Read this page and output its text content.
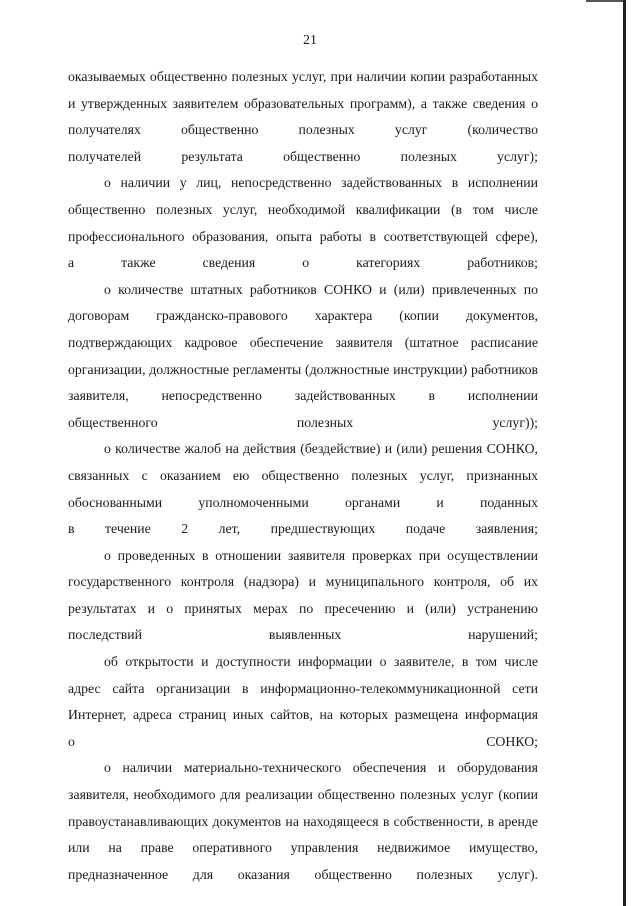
21

оказываемых общественно полезных услуг, при наличии копии разработанных и утвержденных заявителем образовательных программ), а также сведения о получателях общественно полезных услуг (количество
получателей результата общественно полезных услуг);

о наличии у лиц, непосредственно задействованных в исполнении общественно полезных услуг, необходимой квалификации (в том числе профессионального образования, опыта работы в соответствующей сфере),
а также сведения о категориях работников;

о количестве штатных работников СОНКО и (или) привлеченных по договорам гражданско-правового характера (копии документов, подтверждающих кадровое обеспечение заявителя (штатное расписание организации, должностные регламенты (должностные инструкции) работников заявителя, непосредственно задействованных в исполнении
общественного полезных услуг));

о количестве жалоб на действия (бездействие) и (или) решения СОНКО, связанных с оказанием ею общественно полезных услуг, признанных обоснованными уполномоченными органами и поданных
в течение 2 лет, предшествующих подаче заявления;

о проведенных в отношении заявителя проверках при осуществлении государственного контроля (надзора) и муниципального контроля, об их результатах и о принятых мерах по пресечению и (или) устранению
последствий выявленных нарушений;

об открытости и доступности информации о заявителе, в том числе адрес сайта организации в информационно-телекоммуникационной сети Интернет, адреса страниц иных сайтов, на которых размещена информация
о СОНКО;

о наличии материально-технического обеспечения и оборудования заявителя, необходимого для реализации общественно полезных услуг (копии правоустанавливающих документов на находящееся в собственности, в аренде или на праве оперативного управления недвижимое имущество,
предназначенное для оказания общественно полезных услуг).
